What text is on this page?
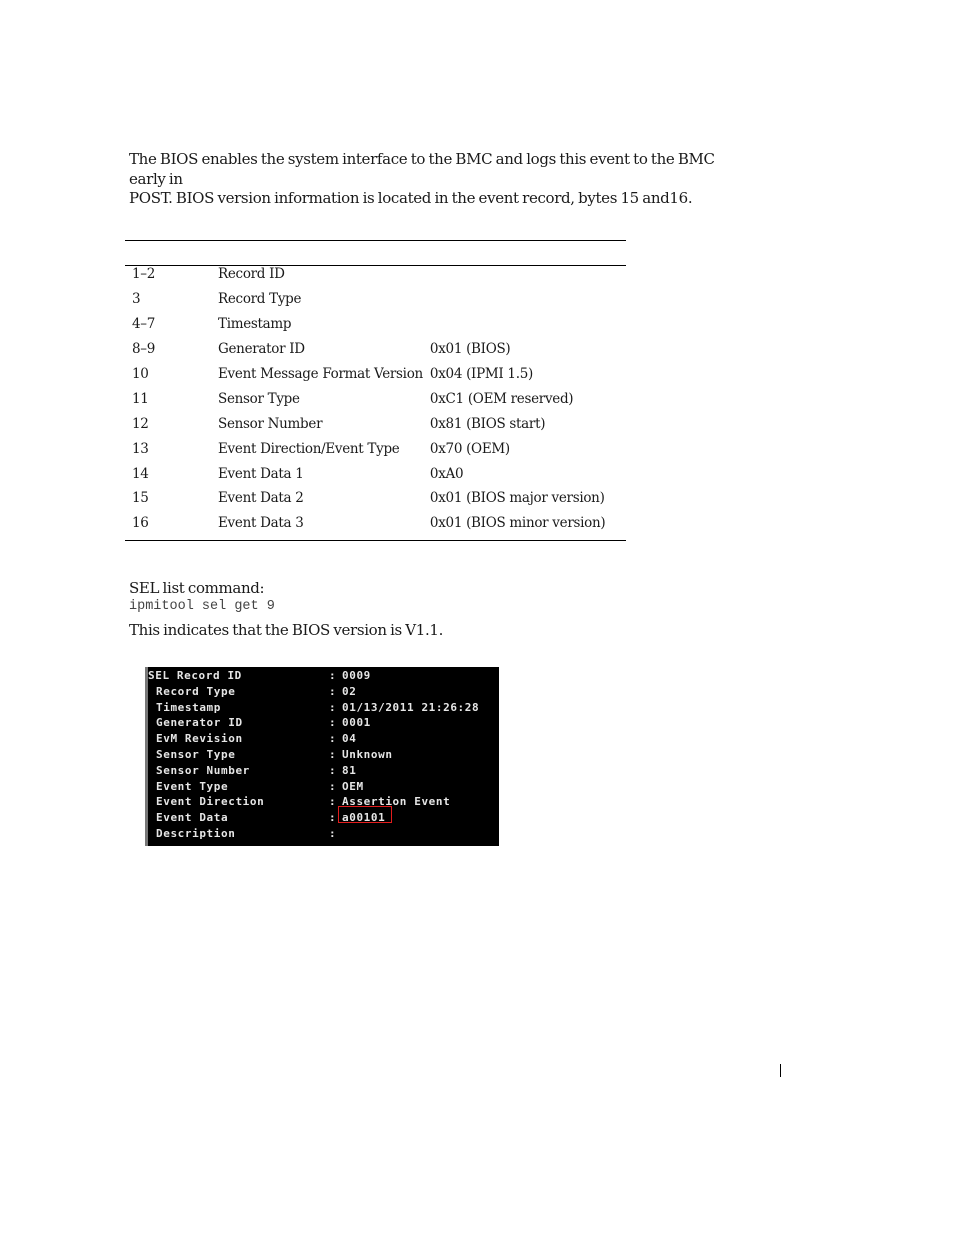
The BIOS enables the system interface to the BMC and logs this event to the BMC early in
POST. BIOS version information is located in the event record, bytes 15 and16.

1–2	Record ID	
3	Record Type	
4–7	Timestamp	
8–9	Generator ID	0x01 (BIOS)
10	Event Message Format Version	0x04 (IPMI 1.5)
11	Sensor Type	0xC1 (OEM reserved)
12	Sensor Number	0x81 (BIOS start)
13	Event Direction/Event Type	0x70 (OEM)
14	Event Data 1	0xA0
15	Event Data 2	0x01 (BIOS major version)
16	Event Data 3	0x01 (BIOS minor version)
SEL list command:
ipmitool sel get 9
This indicates that the BIOS version is V1.1.
SEL Record ID	: 0009
Record Type	: 02
Timestamp	: 01/13/2011 21:26:28
Generator ID	: 0001
EvM Revision	: 04
Sensor Type	: Unknown
Sensor Number	: 81
Event Type	: OEM
Event Direction	: Assertion Event
Event Data	: a00101
Description	:
